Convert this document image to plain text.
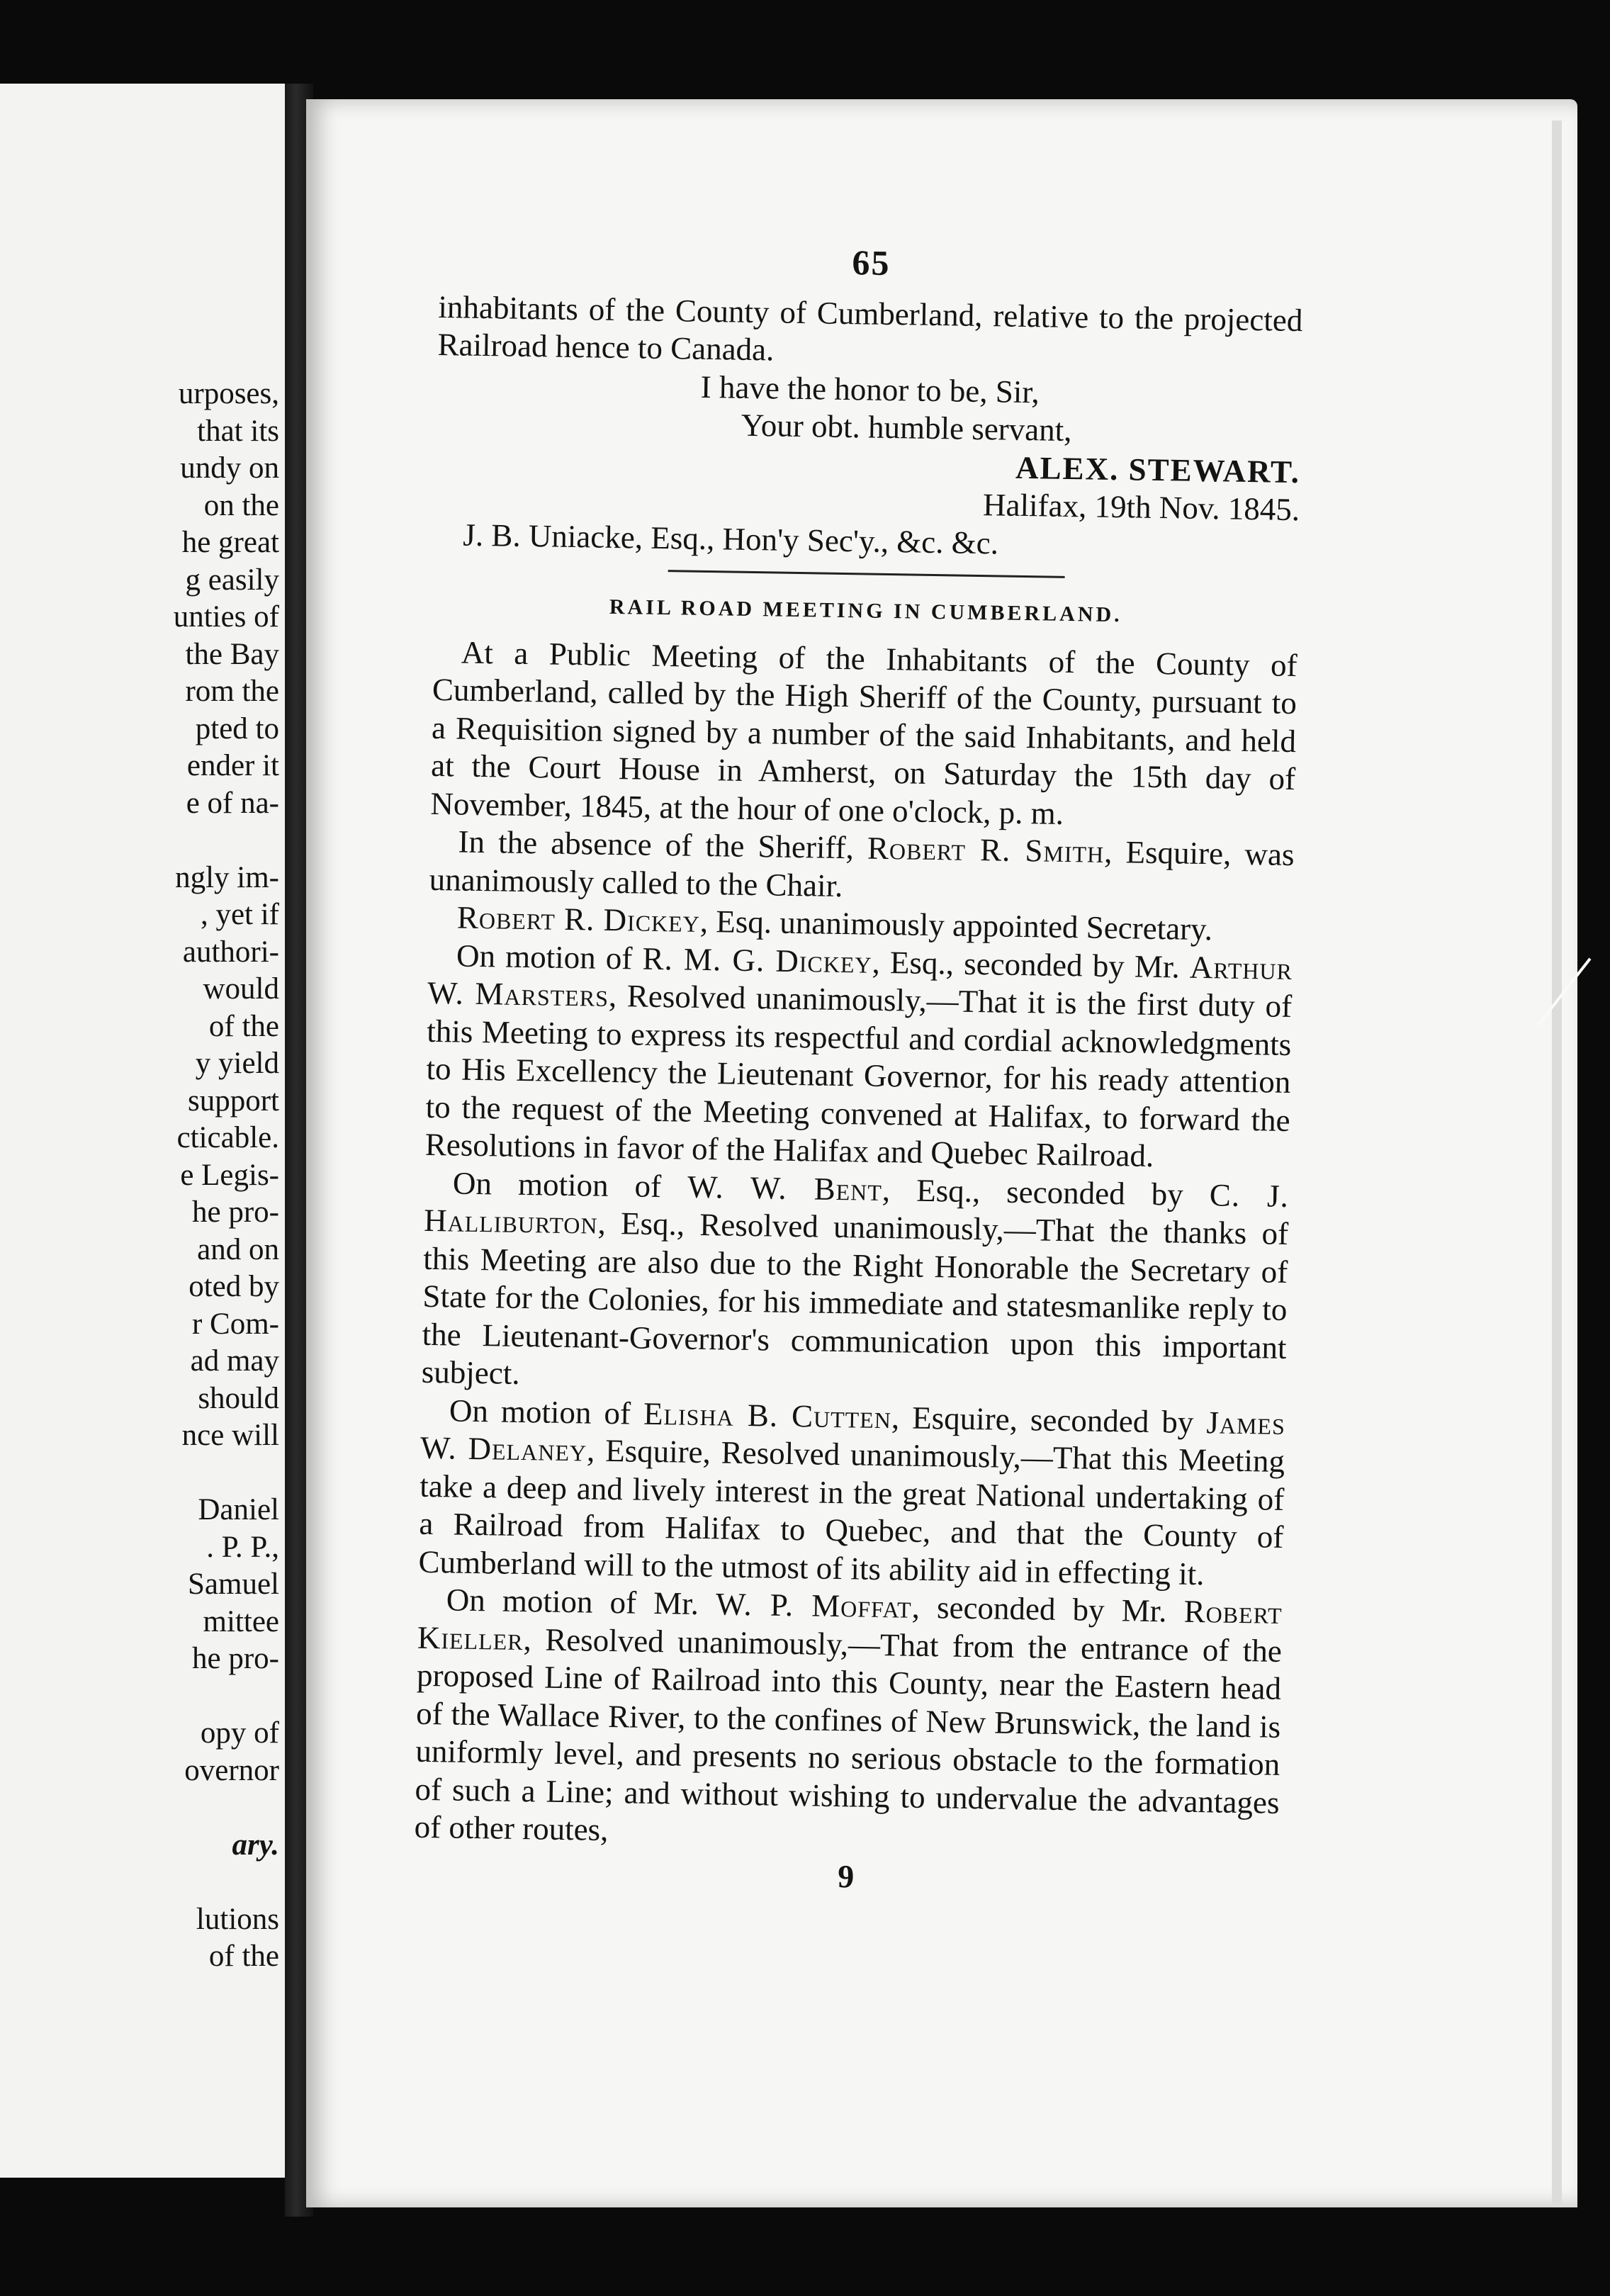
urposes,
that its
undy on
on the
he great
g easily
unties of
the Bay
rom the
pted to
ender it
e of na-
ngly im-
, yet if
authori-
would
of the
y yield
support
cticable.
e Legis-
he pro-
and on
oted by
r Com-
ad may
should
nce will
Daniel
. P. P.,
Samuel
mittee
he pro-
opy of
overnor
ary.
lutions
of the
65

inhabitants of the County of Cumberland, relative to the projected Railroad hence to Canada.

I have the honor to be, Sir,

Your obt. humble servant,

ALEX. STEWART.

Halifax, 19th Nov. 1845.

J. B. Uniacke, Esq., Hon'y Sec'y., &c. &c.

RAIL ROAD MEETING IN CUMBERLAND.

At a Public Meeting of the Inhabitants of the County of Cumberland, called by the High Sheriff of the County, pursuant to a Requisition signed by a number of the said Inhabitants, and held at the Court House in Amherst, on Saturday the 15th day of November, 1845, at the hour of one o'clock, p. m.

In the absence of the Sheriff, Robert R. Smith, Esquire, was unanimously called to the Chair.

Robert R. Dickey, Esq. unanimously appointed Secretary.

On motion of R. M. G. Dickey, Esq., seconded by Mr. Arthur W. Marsters, Resolved unanimously,—That it is the first duty of this Meeting to express its respectful and cordial acknowledgments to His Excellency the Lieutenant Governor, for his ready attention to the request of the Meeting convened at Halifax, to forward the Resolutions in favor of the Halifax and Quebec Railroad.

On motion of W. W. Bent, Esq., seconded by C. J. Halliburton, Esq., Resolved unanimously,—That the thanks of this Meeting are also due to the Right Honorable the Secretary of State for the Colonies, for his immediate and statesmanlike reply to the Lieutenant-Governor's communication upon this important subject.

On motion of Elisha B. Cutten, Esquire, seconded by James W. Delaney, Esquire, Resolved unanimously,—That this Meeting take a deep and lively interest in the great National undertaking of a Railroad from Halifax to Quebec, and that the County of Cumberland will to the utmost of its ability aid in effecting it.

On motion of Mr. W. P. Moffat, seconded by Mr. Robert Kieller, Resolved unanimously,—That from the entrance of the proposed Line of Railroad into this County, near the Eastern head of the Wallace River, to the confines of New Brunswick, the land is uniformly level, and presents no serious obstacle to the formation of such a Line; and without wishing to undervalue the advantages of other routes,

9
